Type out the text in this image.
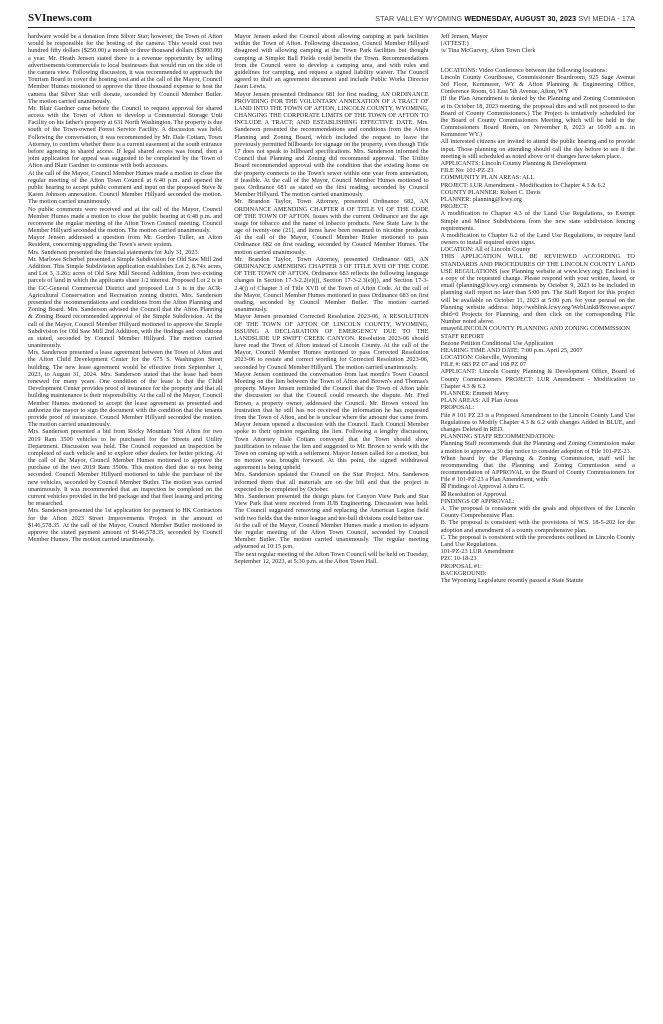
SVInews.com	STAR VALLEY WYOMING WEDNESDAY, AUGUST 30, 2023 SVI MEDIA - 17A

hardware would be a donation from Silver Star; however, the Town of Afton would be responsible for the hosting of the camera. This would cost two hundred fifty dollars ($250.00) a month or three thousand dollars ($3000.00) a year. Mr. Heath Jensen stated there is a revenue opportunity by selling advertisements/commercials to local businesses that would run on the side of the camera view. Following discussion, it was recommended to approach the Tourism Board to cover the hosting cost and at the call of the Mayor, Council Member Humes motioned to approve the three thousand expense to host the camera that Silver Star will donate, seconded by Council Member Butler. The motion carried unanimously.

Mr. Blair Gardner came before the Council to request approval for shared access with the Town of Afton to develop a Commercial Storage Unit Facility on his father's property at 631 North Washington. The property is due south of the Town-owned Forest Service Facility. A discussion was held. Following the conversation, it was recommended by Mr. Dale Cottam, Town Attorney, to confirm whether there is a current easement at the south entrance before agreeing to shared access. If legal shared access was found, then a joint application for appeal was suggested to be completed by the Town of Afton and Blair Gardner to continue with both accesses.

At the call of the Mayor, Council Member Humes made a motion to close the regular meeting of the Afton Town Council at 6:40 p.m. and opened the public hearing to accept public comment and input on the proposed Steve & Karen Johnson annexation. Council Member Hillyard seconded the motion. The motion carried unanimously.

No public comments were received and at the call of the Mayor, Council Member Humes made a motion to close the public hearing at 6:48 p.m. and reconvene the regular meeting of the Afton Town Council meeting. Council Member Hillyard seconded the motion. The motion carried unanimously.

Mayor Jensen addressed a question from Mr. Gordon Tuller, an Afton Resident, concerning upgrading the Town's sewer system.

Mrs. Sanderson presented the financial statements for July 31, 2023.

Mr. Marlowe Scherbel presented a Simple Subdivision for Old Saw Mill 2nd Addition. This Simple Subdivision application establishes Lot 2, 8.74± acres, and Lot 3, 3.26± acres of Old Saw Mill Second Addition, from two existing parcels of land in which the applicants share 1/2 interest. Proposed Lot 2 is in the GC-General Commercial District and proposed Lot 3 is in the ACR-Agricultural Conservation and Recreation zoning district. Mrs. Sanderson presented the recommendations and conditions from the Afton Planning and Zoning Board. Mrs. Sanderson advised the Council that the Afton Planning & Zoning Board recommended approval of the Simple Subdivision. At the call of the Mayor, Council Member Hillyard motioned to approve the Simple Subdivision for Old Saw Mill 2nd Addition, with the findings and conditions as stated, seconded by Council Member Hillyard. The motion carried unanimously.

Mrs. Sanderson presented a lease agreement between the Town of Afton and the Afton Child Development Center for the 675 S. Washington Street building. The new lease agreement would be effective from September 1, 2023, to August 31, 2024. Mrs. Sanderson stated that the lease had been renewed for many years. One condition of the lease is that the Child Development Center provides proof of insurance for the property and that all building maintenance is their responsibility. At the call of the Mayor, Council Member Humes motioned to accept the lease agreement as presented and authorize the mayor to sign the document with the condition that the tenants provide proof of insurance. Council Member Hillyard seconded the motion. The motion carried unanimously.

Mrs. Sanderson presented a bid from Rocky Mountain Yeti Afton for two 2019 Ram 3500 vehicles to be purchased for the Streets and Utility Department. Discussion was held. The Council requested an inspection be completed of each vehicle and to explore other dealers for better pricing. At the call of the Mayor, Council Member Humes motioned to approve the purchase of the two 2019 Ram 3500s. This motion died due to not being seconded. Council Member Hillyard motioned to table the purchase of the new vehicles, seconded by Council Member Butler. The motion was carried unanimously. It was recommended that an inspection be completed on the current vehicles provided in the bid package and that fleet leasing and pricing be researched.

Mrs. Sanderson presented the 1st application for payment to HK Contractors for the Afton 2023 Street Improvements Project in the amount of $146,578.35. At the call of the Mayor, Council Member Butler motioned to approve the stated payment amount of $146,578.35, seconded by Council Member Humes. The motion carried unanimously.

Mayor Jensen asked the Council about allowing camping at park facilities within the Town of Afton. Following discussion, Council Member Hillyard disagreed with allowing camping at the Town Park facilities but thought camping at Simplot Ball Fields could benefit the Town. Recommendations from the Council were to develop a camping area, and with rules and guidelines for camping, and request a signed liability waiver. The Council agreed to draft an agreement document and include Public Works Director Jason Lewis.

Mayor Jensen presented Ordinance 681 for first reading, AN ORDINANCE PROVIDING FOR THE VOLUNTARY ANNEXATION OF A TRACT OF LAND INTO THE TOWN OF AFTON, LINCOLN COUNTY, WYOMING, CHANGING THE CORPORATE LIMITS OF THE TOWN OF AFTON TO INCLUDE A TRACT; AND ESTABLISHING EFFECTIVE DATE. Mrs. Sanderson presented the recommendations and conditions from the Afton Planning and Zoning Board, which included the request to leave the previously permitted billboards for signage on the property, even though Title 17 does not speak to billboard specifications. Mrs. Sanderson informed the Council that Planning and Zoning did recommend approval. The Utility Board recommended approval with the condition that the existing home on the property connects to the Town's sewer within one year from annexation, if feasible. At the call of the Mayor, Council Member Humes motioned to pass Ordinance 681 as stated on the first reading, seconded by Council Member Hillyard. The motion carried unanimously.

Mr. Brandon Taylor, Town Attorney, presented Ordinance 682, AN ORDINANCE AMENDING CHAPTER 8 OF TITLE VI OF THE CODE OF THE TOWN OF AFTON. Issues with the current Ordinance are the age usage for tobacco and the name of tobacco products. New State Law is the age of twenty-one (21), and items have been renamed to nicotine products. At the call of the Mayor, Council Member Butler motioned to pass Ordinance 682 on first reading, seconded by Council Member Humes. The motion carried unanimously.

Mr. Brandon Taylor, Town Attorney, presented Ordinance 683, AN ORDINANCE AMENDING CHAPTER 3 OF TITLE XVII OF THE CODE OF THE TOWN OF AFTON. Ordinance 683 reflects the following language changes in Section 17-3-2.2(e)(j), Section 17-3-2.3(e)(j), and Section 17-3-2.4(j) of Chapter 3 of Title XVII of the Town of Afton Code. At the call of the Mayor, Council Member Humes motioned to pass Ordinance 683 on first reading, seconded by Council Member Butler. The motion carried unanimously.

Mayor Jensen presented Corrected Resolution 2023-06, A RESOLUTION OF THE TOWN OF AFTON OF LINCOLN COUNTY, WYOMING, ISSUING A DECLARATION OF EMERGENCY DUE TO THE LANDSLIDE UP SWIFT CREEK CANYON. Resolution 2023-06 should have read the Town of Afton instead of Lincoln County. At the call of the Mayor, Council Member Humes motioned to pass Corrected Resolution 2023-06 to restate and correct wording for Corrected Resolution 2023-06, seconded by Council Member Hillyard. The motion carried unanimously.

Mayor Jensen continued the conversation from last month's Town Council Meeting on the lien between the Town of Afton and Brown's and Thomas's property. Mayor Jensen reminded the Council that the Town of Afton table the discussion so that the Council could research the dispute. Mr. Fred Brown, a property owner, addressed the Council. Mr. Brown voiced his frustration that he still has not received the information he has requested from the Town of Afton, and he is unclear where the amount due came from. Mayor Jensen opened a discussion with the Council. Each Council Member spoke to their opinion regarding the lien. Following a lengthy discussion, Town Attorney Dale Cottam conveyed that the Town should show justification to release the lien and suggested to Mr. Brown to work with the Town on coming up with a settlement. Mayor Jensen called for a motion, but no motion was brought forward. At this point, the signed withdrawal agreement is being upheld.

Mrs. Sanderson updated the Council on the Star Project. Mrs. Sanderson informed them that all materials are on the hill and that the project is expected to be completed by October.

Mrs. Sanderson presented the design plans for Canyon View Park and Star View Park that were received from JUB Engineering. Discussion was held. The Council suggested removing and replacing the American Legion field with two fields that the minor league and tee-ball divisions could better use.

At the call of the Mayor, Council Member Humes made a motion to adjourn the regular meeting of the Afton Town Council, seconded by Council Member Butler. The motion carried unanimously. The regular meeting adjourned at 10:15 p.m.

The next regular meeting of the Afton Town Council will be held on Tuesday, September 12, 2023, at 5:30 p.m. at the Afton Town Hall.

Jeff Jensen, Mayor

(ATTEST:)

/s/ Tina McGarvey, Afton Town Clerk

LOCATIONS: Video Conference between the following locations:

Lincoln County Courthouse, Commissioner Boardroom, 925 Sage Avenue 3rd Floor, Kemmerer, WY & Afton Planning & Engineering Office, Conference Room, 61 East 5th Avenue, Afton, WY

(If the Plan Amendment is denied by the Planning and Zoning Commission at its October 18, 2023 meeting, the proposal dies and will not proceed to the Board of County Commissioners.) The Project is tentatively scheduled for the Board of County Commissioners Meeting, which will be held in the Commissioners Board Room, on November 8, 2023 at 10:00 a.m. in Kemmerer WY.)

All interested citizens are invited to attend the public hearing and to provide input. Those planning on attending should call the day before to see if the meeting is still scheduled as noted above or if changes have taken place.

APPLICANTS: Lincoln County Planning & Development

FILE No: 101-PZ-23

COMMUNITY PLAN AREAS: ALL

PROJECT: LUR Amendment - Modification to Chapter 4.3 & 6.2

COUNTY PLANNER: Robert C. Davis

PLANNER: planning@lcwy.org

PROJECT:

A modification to Chapter 4.3 of the Land Use Regulations, to Exempt Simple and Minor Subdivisions from the new state subdivision fencing requirements.

A modification to Chapter 6.2 of the Land Use Regulations, to require land owners to install required street signs.

LOCATION: All of Lincoln County

THIS APPLICATION WILL BE REVIEWED ACCORDING TO STANDARDS AND PROCEDURES OF THE LINCOLN COUNTY LAND USE REGULATIONS (see Planning website at www.lcwy.org). Enclosed is a copy of the requested change. Please respond with your written, faxed, or email (planning@lcwy.org) comments by October 9, 2023 to be included in planning staff report no later than 5:00 pm. The Staff Report for this project will be available on October 11, 2023 at 5:00 p.m. for your perusal on the Planning website address: http://weblink.lcwy.org/WebLink8/Browse.aspx?dbid=0 Projects for Planning, and then click on the corresponding File Number noted above.

emaye6LINCOLN COUNTY PLANNING AND ZONING COMMISSION

STAFF REPORT

Bezone Petition Conditional Use Application

HEARING TIME AND DATE: 7:00 p.m. April 25, 2007

LOCATION: Cokeville, Wyoming

FILE #: 683 PZ 07 and 108 PZ 07

APPLICANT: Lincoln County Planning & Development Office, Board of County Commissioners PROJECT: LUR Amendment - Modification to Chapter 4.3 & 6.2

PLANNER: Emmett Mavy

PLAN AREAS: All Plan Areas

PROPOSAL:

File # 101 PZ 23 is a Proposed Amendment to the Lincoln County Land Use Regulations to Modify Chapter 4.3 & 6.2 with changes Added in BLUE, and changes Deleted in RED.

PLANNING STAFF RECOMMENDATION:

Planning Staff recommends that the Planning and Zoning Commission make a motion to approve a 30 day notice to consider adoption of File 101-PZ-23.

When heard by the Planning & Zoning Commission, staff will be recommending that the Planning and Zoning Commission send a recommendation of APPROVAL to the Board of County Commissioners for File # 101-PZ-23 a Plan Amendment, with:

☒ Findings of Approval A thru C.

☒ Resolution of Approval

FINDINGS OF APPROVAL:

A. The proposal is consistent with the goals and objectives of the Lincoln County Comprehensive Plan.

B. The proposal is consistent with the provisions of W.S. 18-5-202 for the adoption and amendment of a county comprehensive plan.

C. The proposal is consistent with the procedures outlined in Lincoln County Land Use Regulations.

101-PZ-23 LUR Amendment

PZC 10-18-23

PROPOSAL #1:

BACKGROUND:

The Wyoming Legislature recently passed a State Statute
